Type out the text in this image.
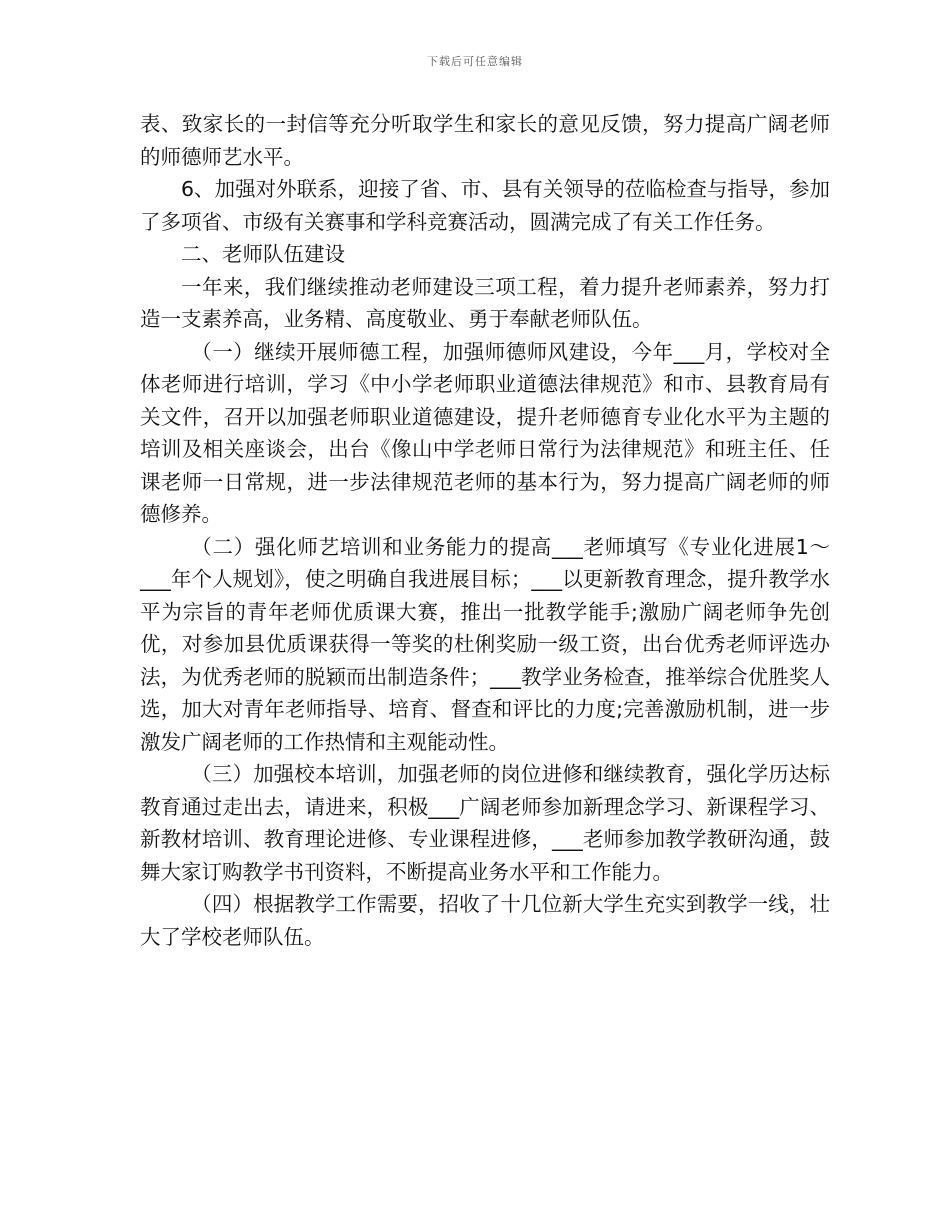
下载后可任意编辑

表、致家长的一封信等充分听取学生和家长的意见反馈，努力提高广阔老师的师德师艺水平。

6、加强对外联系，迎接了省、市、县有关领导的莅临检查与指导，参加了多项省、市级有关赛事和学科竞赛活动，圆满完成了有关工作任务。

二、老师队伍建设

一年来，我们继续推动老师建设三项工程，着力提升老师素养，努力打造一支素养高，业务精、高度敬业、勇于奉献老师队伍。

（一）继续开展师德工程，加强师德师风建设，今年___月，学校对全体老师进行培训，学习《中小学老师职业道德法律规范》和市、县教育局有关文件，召开以加强老师职业道德建设，提升老师德育专业化水平为主题的培训及相关座谈会，出台《像山中学老师日常行为法律规范》和班主任、任课老师一日常规，进一步法律规范老师的基本行为，努力提高广阔老师的师德修养。

（二）强化师艺培训和业务能力的提高___老师填写《专业化进展1～___年个人规划》，使之明确自我进展目标；___以更新教育理念，提升教学水平为宗旨的青年老师优质课大赛，推出一批教学能手;激励广阔老师争先创优，对参加县优质课获得一等奖的杜俐奖励一级工资，出台优秀老师评选办法，为优秀老师的脱颖而出制造条件；___教学业务检查，推举综合优胜奖人选，加大对青年老师指导、培育、督查和评比的力度;完善激励机制，进一步激发广阔老师的工作热情和主观能动性。

（三）加强校本培训，加强老师的岗位进修和继续教育，强化学历达标教育通过走出去，请进来，积极___广阔老师参加新理念学习、新课程学习、新教材培训、教育理论进修、专业课程进修，___老师参加教学教研沟通，鼓舞大家订购教学书刊资料，不断提高业务水平和工作能力。

（四）根据教学工作需要，招收了十几位新大学生充实到教学一线，壮大了学校老师队伍。
